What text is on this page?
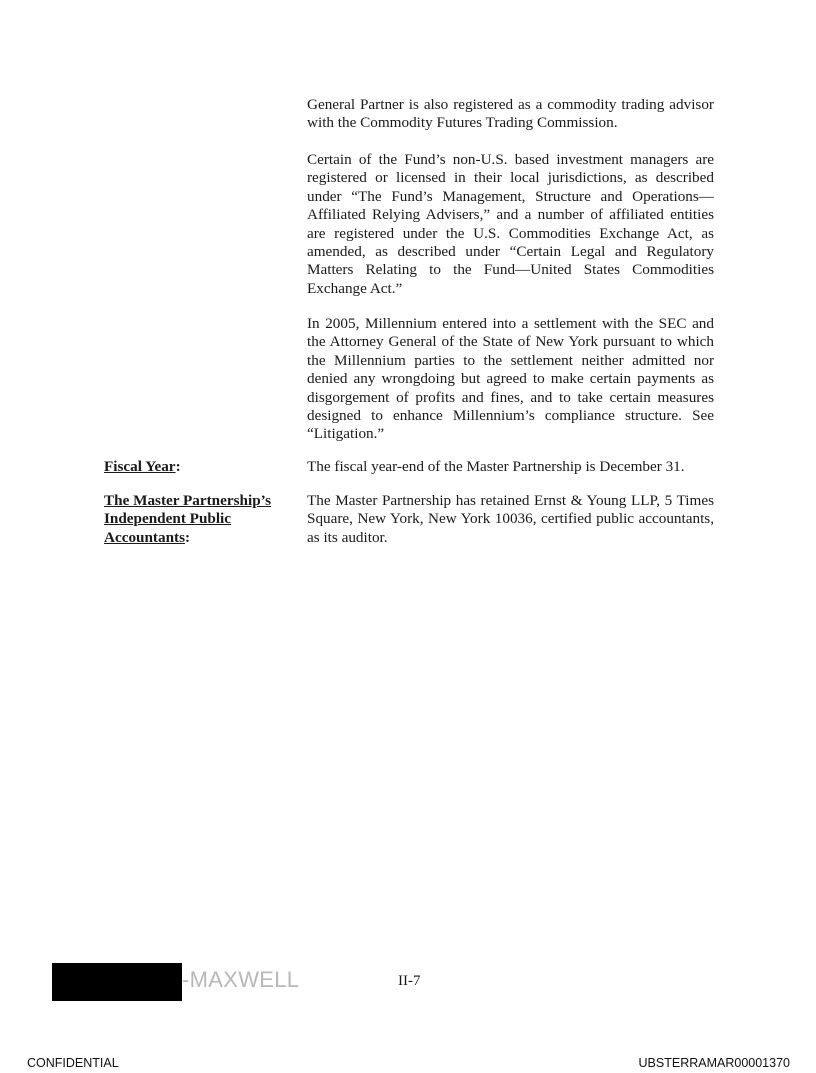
General Partner is also registered as a commodity trading advisor with the Commodity Futures Trading Commission.

Certain of the Fund’s non-U.S. based investment managers are registered or licensed in their local jurisdictions, as described under “The Fund’s Management, Structure and Operations—Affiliated Relying Advisers,” and a number of affiliated entities are registered under the U.S. Commodities Exchange Act, as amended, as described under “Certain Legal and Regulatory Matters Relating to the Fund—United States Commodities Exchange Act.”

In 2005, Millennium entered into a settlement with the SEC and the Attorney General of the State of New York pursuant to which the Millennium parties to the settlement neither admitted nor denied any wrongdoing but agreed to make certain payments as disgorgement of profits and fines, and to take certain measures designed to enhance Millennium’s compliance structure. See “Litigation.”

Fiscal Year:	The fiscal year-end of the Master Partnership is December 31.

The Master Partnership’s
Independent Public
Accountants:

The Master Partnership has retained Ernst & Young LLP, 5 Times Square, New York, New York 10036, certified public accountants, as its auditor.

-MAXWELL	II-7
CONFIDENTIAL	UBSTERRAMAR00001370
